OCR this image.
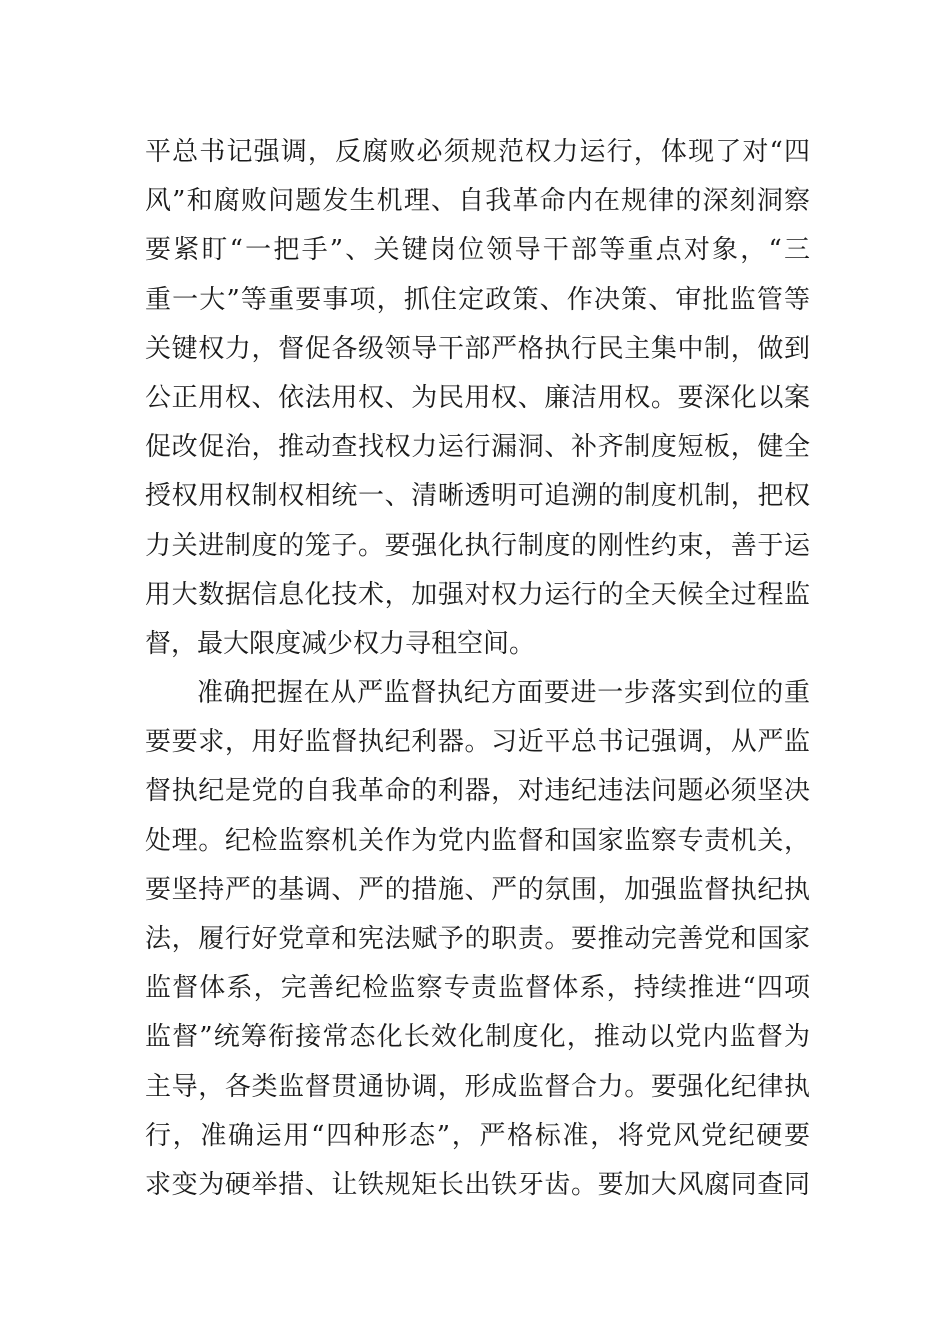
平总书记强调，反腐败必须规范权力运行，体现了对“四
风”和腐败问题发生机理、自我革命内在规律的深刻洞察
要紧盯“一把手”、关键岗位领导干部等重点对象，“三
重一大”等重要事项，抓住定政策、作决策、审批监管等
关键权力，督促各级领导干部严格执行民主集中制，做到
公正用权、依法用权、为民用权、廉洁用权。要深化以案
促改促治，推动查找权力运行漏洞、补齐制度短板，健全
授权用权制权相统一、清晰透明可追溯的制度机制，把权
力关进制度的笼子。要强化执行制度的刚性约束，善于运
用大数据信息化技术，加强对权力运行的全天候全过程监
督，最大限度减少权力寻租空间。
准确把握在从严监督执纪方面要进一步落实到位的重
要要求，用好监督执纪利器。习近平总书记强调，从严监
督执纪是党的自我革命的利器，对违纪违法问题必须坚决
处理。纪检监察机关作为党内监督和国家监察专责机关，
要坚持严的基调、严的措施、严的氛围，加强监督执纪执
法，履行好党章和宪法赋予的职责。要推动完善党和国家
监督体系，完善纪检监察专责监督体系，持续推进“四项
监督”统筹衔接常态化长效化制度化，推动以党内监督为
主导，各类监督贯通协调，形成监督合力。要强化纪律执
行，准确运用“四种形态”，严格标准，将党风党纪硬要
求变为硬举措、让铁规矩长出铁牙齿。要加大风腐同查同
